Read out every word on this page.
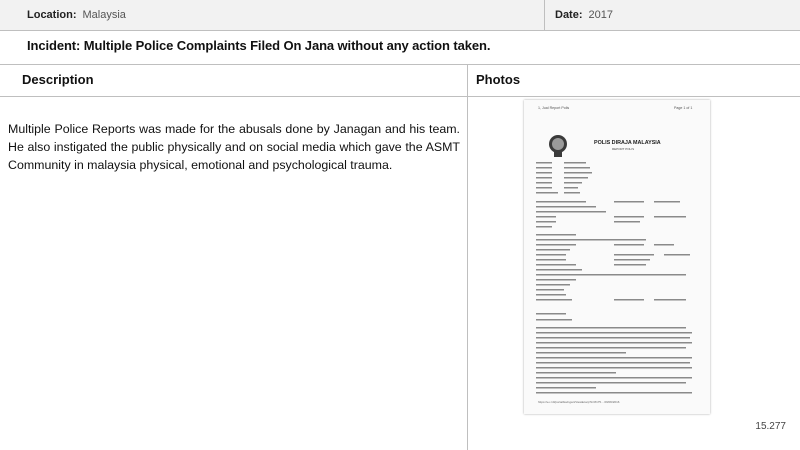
Location: Malaysia	Date: 2017
Incident: Multiple Police Complaints Filed On Jana without any action taken.
Description	Photos
Multiple Police Reports was made for the abusals done by Janagan and his team. He also instigated the public physically and on social media which gave the ASMT Community in malaysia physical, emotional and psychological trauma.
1, Jual Report Polis	Page 1 of 1
POLIS DIRAJA MALAYSIA
REPORT POLIS
https://e-i.10/portal/ka/ngan/ViewEcarp?k=8175... 09/06/2016
15.277
